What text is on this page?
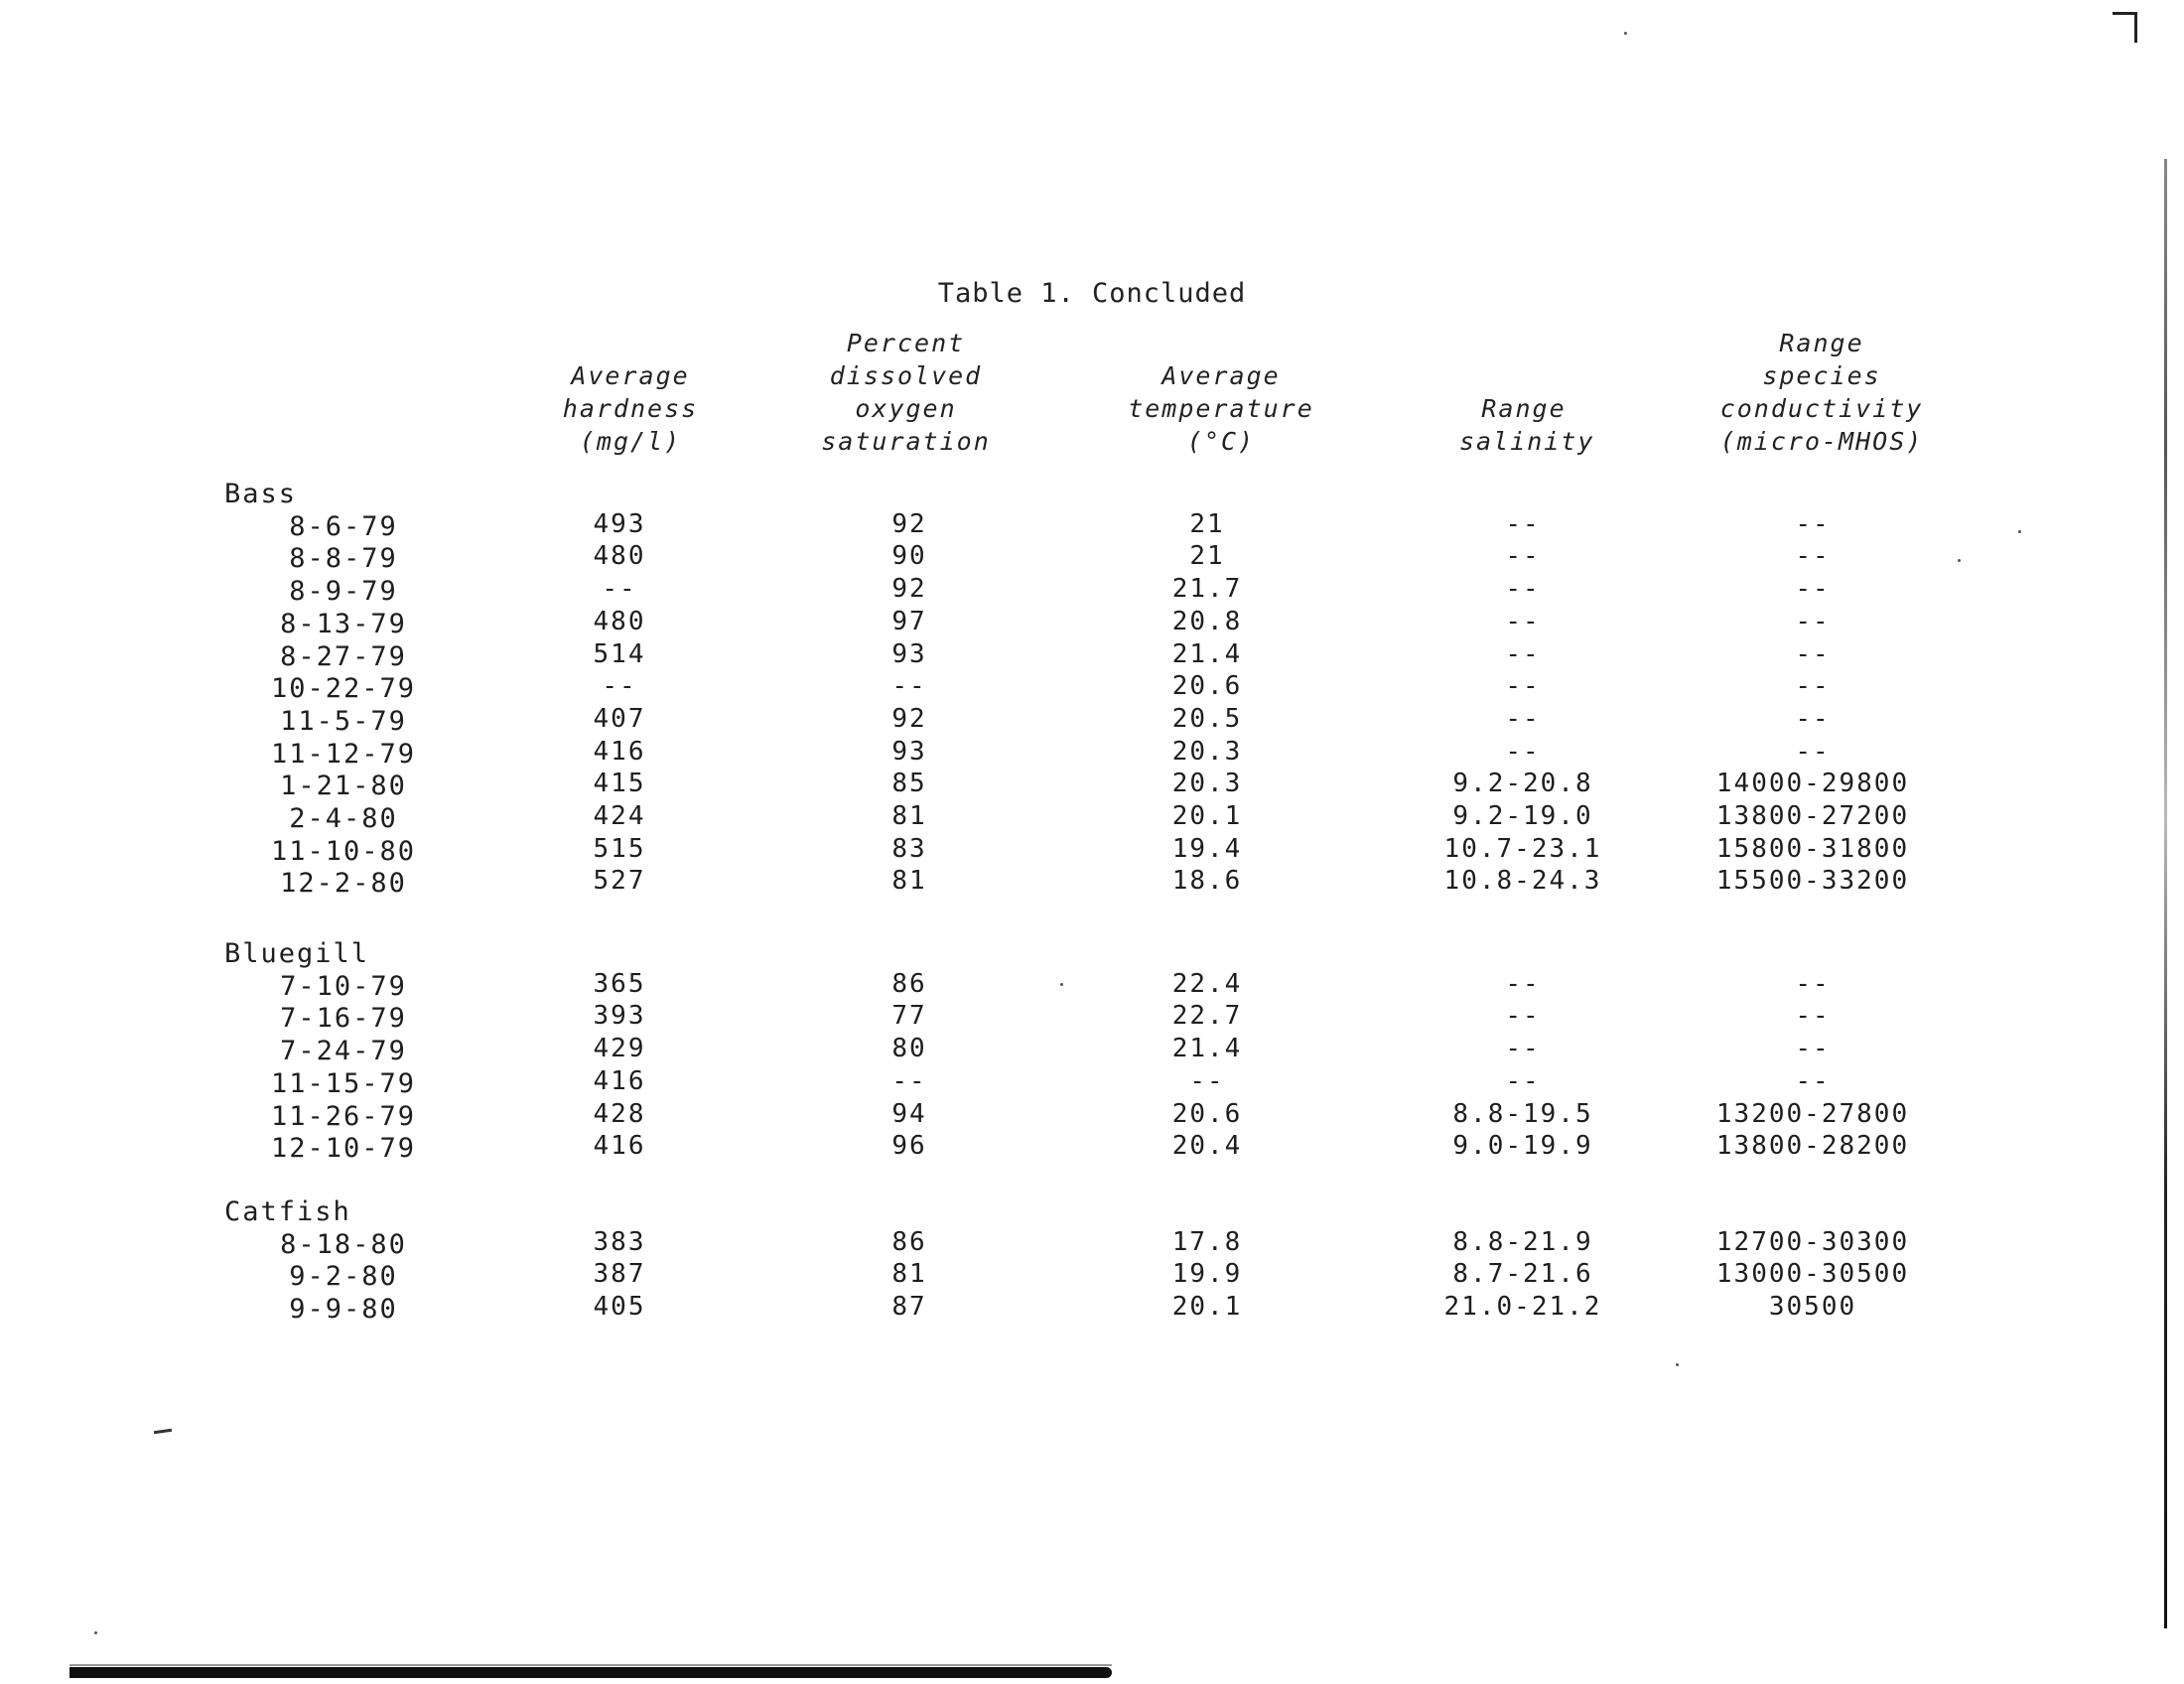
Table 1. Concluded
Average
hardness
(mg/l)
Percent
dissolved
oxygen
saturation
Average
temperature
(°C)
Range
salinity
Range
species
conductivity
(micro-MHOS)
Bass
8-6-79	493	92	21	--	--
8-8-79	480	90	21	--	--
8-9-79	--	92	21.7	--	--
8-13-79	480	97	20.8	--	--
8-27-79	514	93	21.4	--	--
10-22-79	--	--	20.6	--	--
11-5-79	407	92	20.5	--	--
11-12-79	416	93	20.3	--	--
1-21-80	415	85	20.3	9.2-20.8	14000-29800
2-4-80	424	81	20.1	9.2-19.0	13800-27200
11-10-80	515	83	19.4	10.7-23.1	15800-31800
12-2-80	527	81	18.6	10.8-24.3	15500-33200
Bluegill
7-10-79	365	86	22.4	--	--
7-16-79	393	77	22.7	--	--
7-24-79	429	80	21.4	--	--
11-15-79	416	--	--	--	--
11-26-79	428	94	20.6	8.8-19.5	13200-27800
12-10-79	416	96	20.4	9.0-19.9	13800-28200
Catfish
8-18-80	383	86	17.8	8.8-21.9	12700-30300
9-2-80	387	81	19.9	8.7-21.6	13000-30500
9-9-80	405	87	20.1	21.0-21.2	30500
